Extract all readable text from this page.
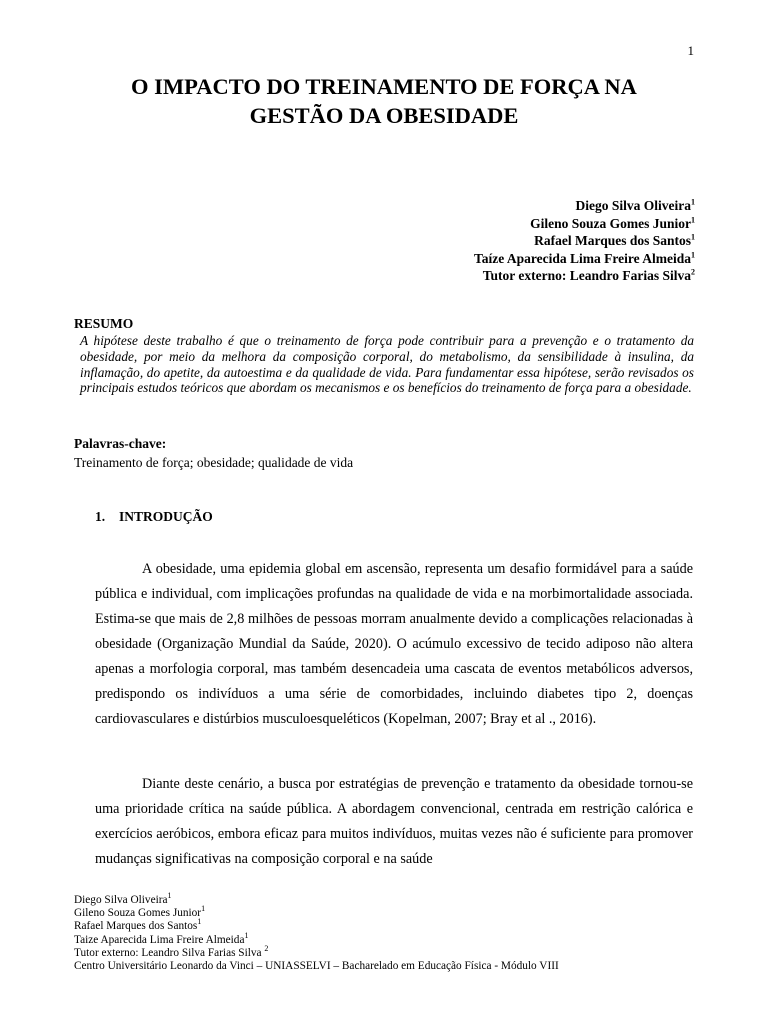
1
O IMPACTO DO TREINAMENTO DE FORÇA NA
GESTÃO DA OBESIDADE
Diego Silva Oliveira$^1$
Gileno Souza Gomes Junior$^1$
Rafael Marques dos Santos$^1$
Taíze Aparecida Lima Freire Almeida$^1$
Tutor externo: Leandro Farias Silva$^2$
RESUMO
A hipótese deste trabalho é que o treinamento de força pode contribuir para a prevenção e o tratamento da obesidade, por meio da melhora da composição corporal, do metabolismo, da sensibilidade à insulina, da inflamação, do apetite, da autoestima e da qualidade de vida. Para fundamentar essa hipótese, serão revisados os principais estudos teóricos que abordam os mecanismos e os benefícios do treinamento de força para a obesidade.
Palavras-chave:
Treinamento de força; obesidade; qualidade de vida
1. INTRODUÇÃO

A obesidade, uma epidemia global em ascensão, representa um desafio formidável para a saúde pública e individual, com implicações profundas na qualidade de vida e na morbimortalidade associada. Estima-se que mais de 2,8 milhões de pessoas morram anualmente devido a complicações relacionadas à obesidade (Organização Mundial da Saúde, 2020). O acúmulo excessivo de tecido adiposo não altera apenas a morfologia corporal, mas também desencadeia uma cascata de eventos metabólicos adversos, predispondo os indivíduos a uma série de comorbidades, incluindo diabetes tipo 2, doenças cardiovasculares e distúrbios musculoesqueléticos (Kopelman, 2007; Bray et al ., 2016).

Diante deste cenário, a busca por estratégias de prevenção e tratamento da obesidade tornou-se uma prioridade crítica na saúde pública. A abordagem convencional, centrada em restrição calórica e exercícios aeróbicos, embora eficaz para muitos indivíduos, muitas vezes não é suficiente para promover mudanças significativas na composição corporal e na saúde

Diego Silva Oliveira$^1$
Gileno Souza Gomes Junior$^1$
Rafael Marques dos Santos$^1$
Taize Aparecida Lima Freire Almeida$^1$
Tutor externo: Leandro Silva Farias Silva $^2$
Centro Universitário Leonardo da Vinci – UNIASSELVI – Bacharelado em Educação Física - Módulo VIII
